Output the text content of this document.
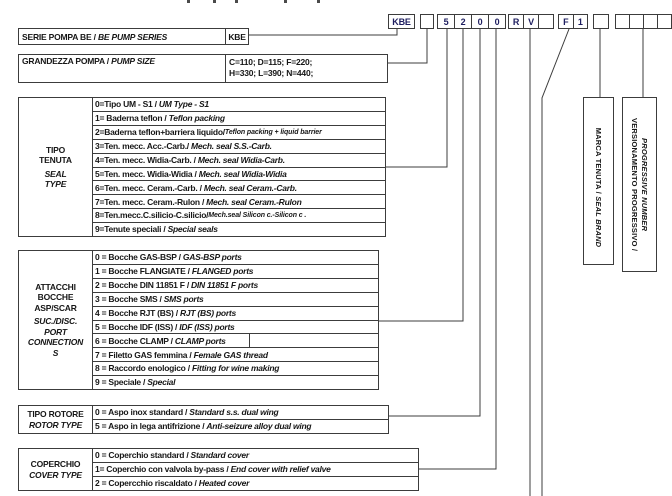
KBE	5	2	0	0	R V	F	1
SERIE POMPA BE / BE PUMP SERIES	KBE
GRANDEZZA POMPA / PUMP SIZE	C=110; D=115; F=220;
H=330; L=390; N=440;
TIPO
TENUTA
SEAL
TYPE
0=Tipo UM - S1 / UM Type - S1
1= Baderna teflon / Teflon packing
2=Baderna teflon+barriera liquido/ Teflon packing + liquid barrier
3=Ten. mecc. Acc.-Carb./ Mech. seal S.S.-Carb.
4=Ten. mecc. Widia-Carb. / Mech. seal Widia-Carb.
5=Ten. mecc. Widia-Widia / Mech. seal Widia-Widia
6=Ten. mecc. Ceram.-Carb. / Mech. seal Ceram.-Carb.
7=Ten. mecc. Ceram.-Rulon / Mech. seal Ceram.-Rulon
8=Ten.mecc.C.silicio-C.silicio/ Mech.seal Silicon c.-Silicon c .
9=Tenute speciali / Special seals
ATTACCHI
BOCCHE
ASP/SCAR
SUC./DISC.
PORT
CONNECTION
S
0 = Bocche GAS-BSP / GAS-BSP ports
1 = Bocche FLANGIATE / FLANGED ports
2 = Bocche DIN 11851 F / DIN 11851 F ports
3 = Bocche SMS / SMS ports
4 = Bocche RJT (BS) / RJT (BS) ports
5 = Bocche IDF (ISS) / IDF (ISS) ports
6 = Bocche CLAMP / CLAMP ports
7 = Filetto GAS femmina / Female GAS thread
8 = Raccordo enologico / Fitting for wine making
9 = Speciale / Special
TIPO ROTORE
ROTOR TYPE
0 = Aspo inox standard / Standard s.s. dual wing
5 = Aspo in lega antifrizione / Anti-seizure alloy dual wing
COPERCHIO
COVER TYPE
0 = Coperchio standard / Standard cover
1= Coperchio con valvola by-pass / End cover with relief valve
2 = Copercchio riscaldato / Heated cover

MARCA TENUTA / SEAL BRAND
	VERSIONAMENTO PROGRESSIVO / PROGRESSIVE NUMBER
